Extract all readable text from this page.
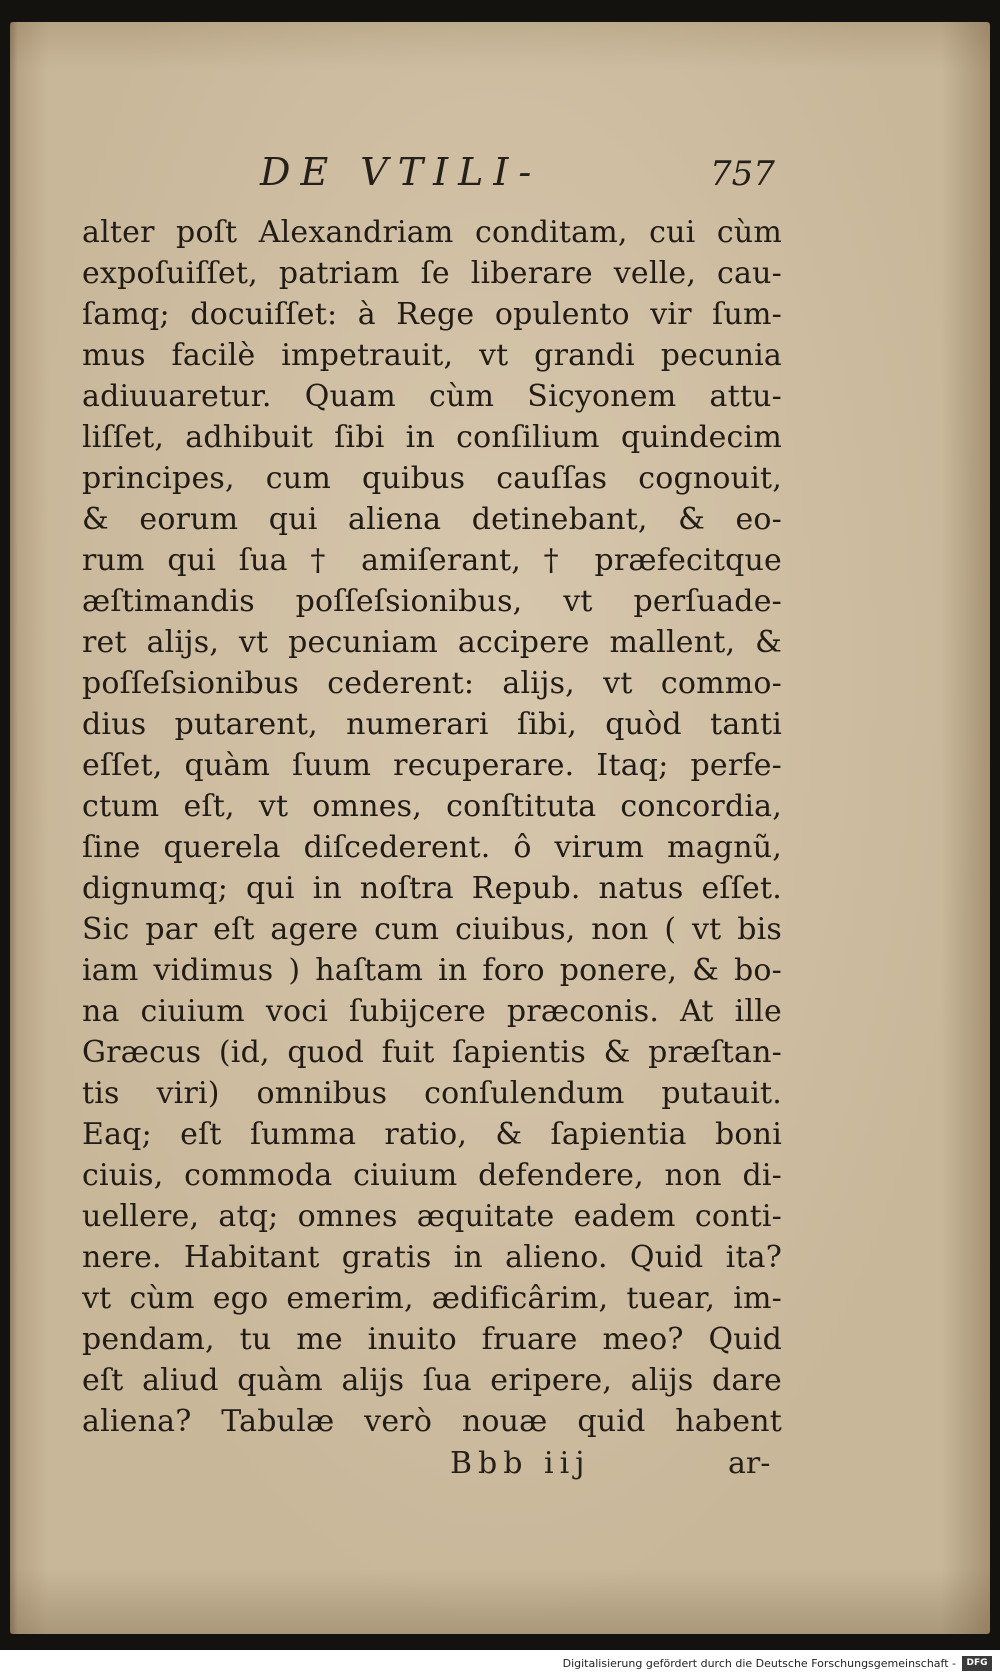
DE VTILI-	757
alter poſt Alexandriam conditam, cui cùm
expoſuiſſet, patriam ſe liberare velle, cau-
ſamq; docuiſſet: à Rege opulento vir ſum-
mus facilè impetrauit, vt grandi pecunia
adiuuaretur. Quam cùm Sicyonem attu-
liſſet, adhibuit ſibi in conſilium quindecim
principes, cum quibus cauſſas cognouit,
& eorum qui aliena detinebant, & eo-
rum qui ſua † amiſerant, † præfecitque
æſtimandis poſſeſsionibus, vt perſuade-
ret alijs, vt pecuniam accipere mallent, &
poſſeſsionibus cederent: alijs, vt commo-
dius putarent, numerari ſibi, quòd tanti
eſſet, quàm ſuum recuperare. Itaq; perfe-
ctum eſt, vt omnes, conſtituta concordia,
ſine querela diſcederent. ô virum magnũ,
dignumq; qui in noſtra Repub. natus eſſet.
Sic par eſt agere cum ciuibus, non ( vt bis
iam vidimus ) haſtam in foro ponere, & bo-
na ciuium voci ſubijcere præconis. At ille
Græcus (id, quod fuit ſapientis & præſtan-
tis viri) omnibus conſulendum putauit.
Eaq; eſt ſumma ratio, & ſapientia boni
ciuis, commoda ciuium defendere, non di-
uellere, atq; omnes æquitate eadem conti-
nere. Habitant gratis in alieno. Quid ita?
vt cùm ego emerim, ædificârim, tuear, im-
pendam, tu me inuito fruare meo? Quid
eſt aliud quàm alijs ſua eripere, alijs dare
aliena? Tabulæ verò nouæ quid habent
Bbb iij	ar-
Digitalisierung gefördert durch die Deutsche Forschungsgemeinschaft -	DFG
